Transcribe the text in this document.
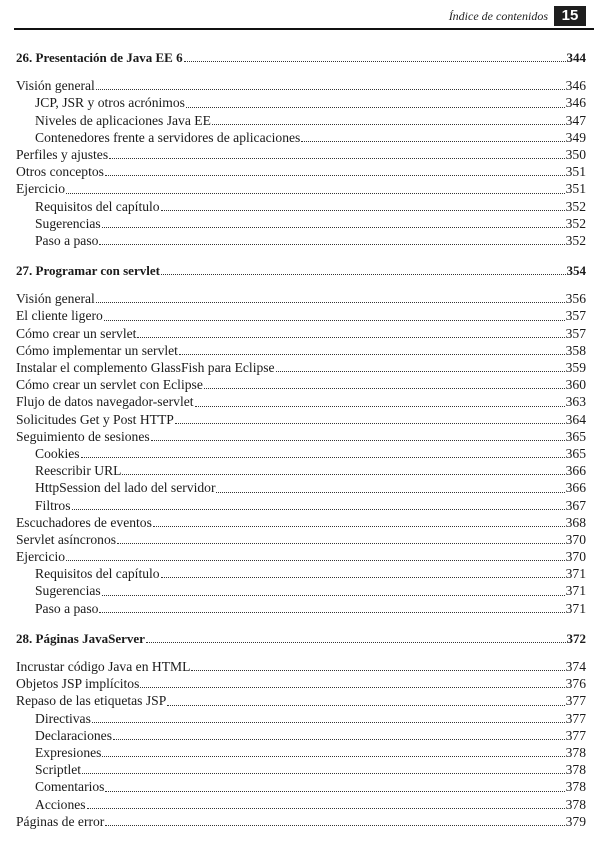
Índice de contenidos 15
26. Presentación de Java EE 6	344
Visión general	346
JCP, JSR y otros acrónimos	346
Niveles de aplicaciones Java EE	347
Contenedores frente a servidores de aplicaciones	349
Perfiles y ajustes	350
Otros conceptos	351
Ejercicio	351
Requisitos del capítulo	352
Sugerencias	352
Paso a paso	352
27. Programar con servlet	354
Visión general	356
El cliente ligero	357
Cómo crear un servlet	357
Cómo implementar un servlet	358
Instalar el complemento GlassFish para Eclipse	359
Cómo crear un servlet con Eclipse	360
Flujo de datos navegador-servlet	363
Solicitudes Get y Post HTTP	364
Seguimiento de sesiones	365
Cookies	365
Reescribir URL	366
HttpSession del lado del servidor	366
Filtros	367
Escuchadores de eventos	368
Servlet asíncronos	370
Ejercicio	370
Requisitos del capítulo	371
Sugerencias	371
Paso a paso	371
28. Páginas JavaServer	372
Incrustar código Java en HTML	374
Objetos JSP implícitos	376
Repaso de las etiquetas JSP	377
Directivas	377
Declaraciones	377
Expresiones	378
Scriptlet	378
Comentarios	378
Acciones	378
Páginas de error	379
